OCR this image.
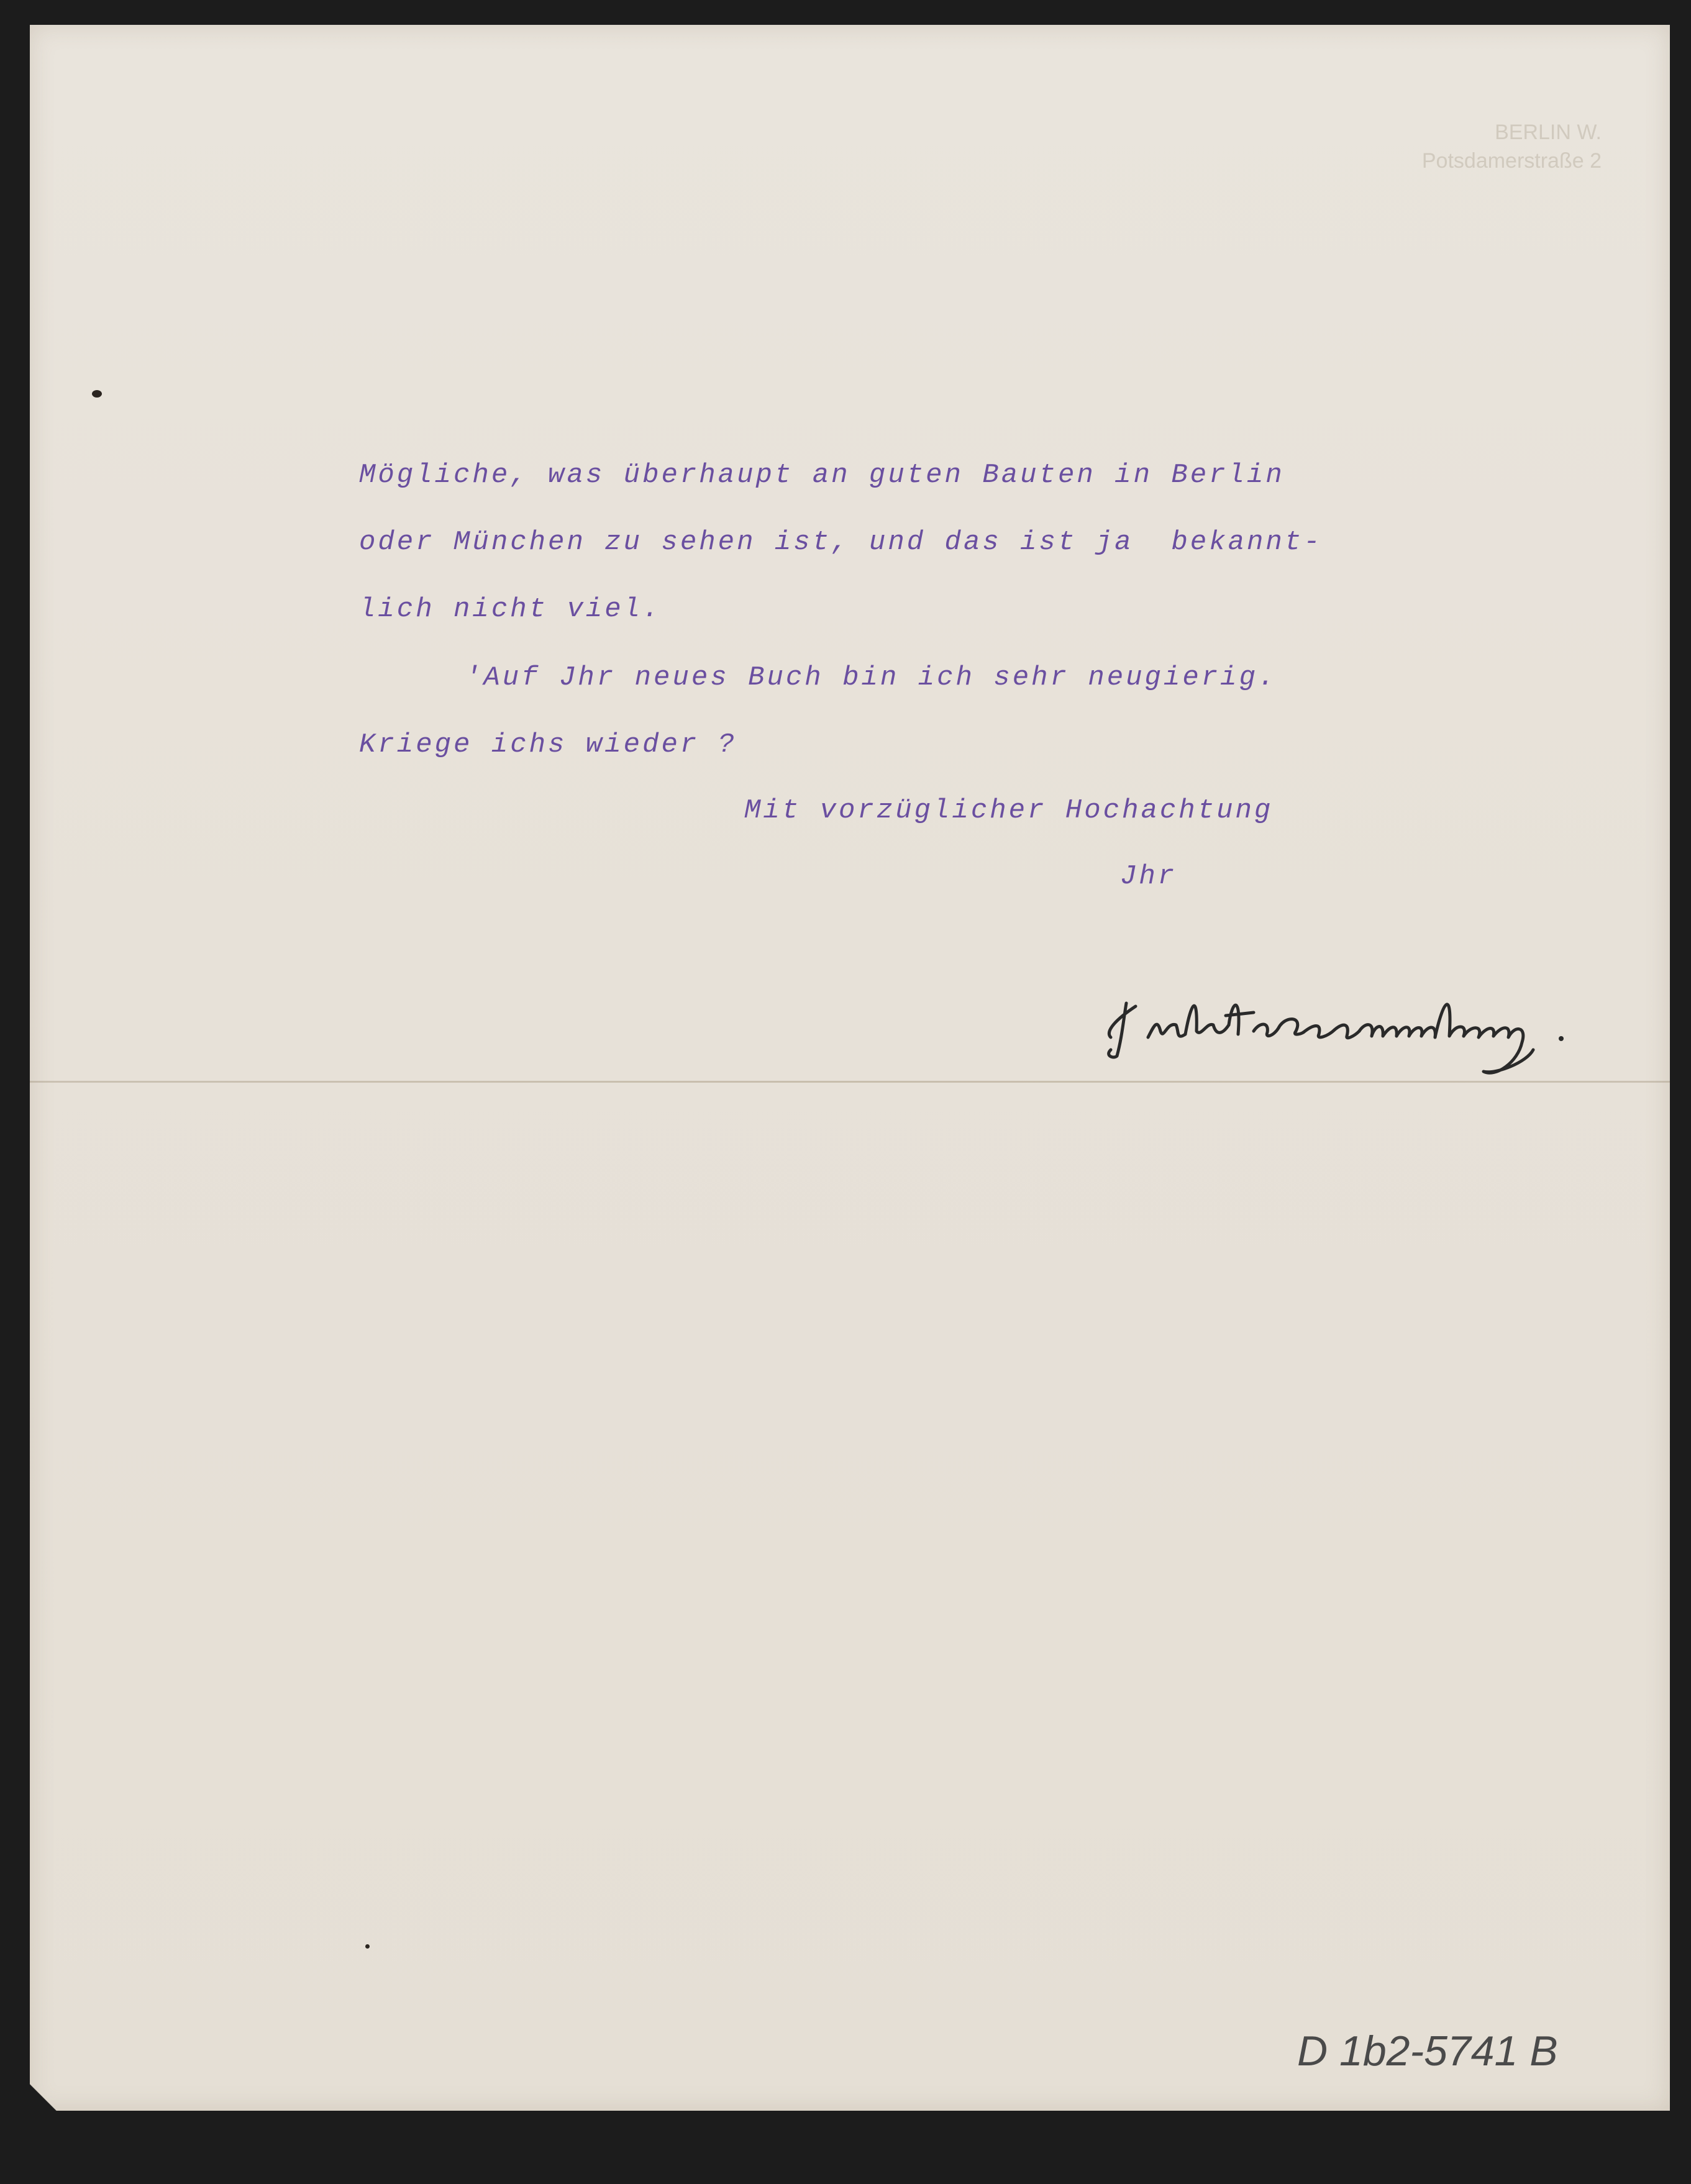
BERLIN W.
Potsdamerstraße 2
Mögliche, was überhaupt an guten Bauten in Berlin
oder München zu sehen ist, und das ist ja  bekannt-
lich nicht viel.
'Auf Jhr neues Buch bin ich sehr neugierig.
Kriege ichs wieder ?
Mit vorzüglicher Hochachtung
Jhr
D 1b2-5741 B
